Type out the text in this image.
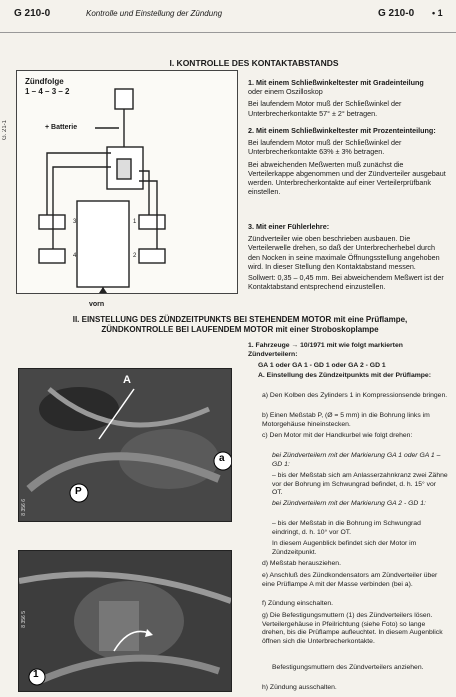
G 210-0	Kontrolle und Einstellung der Zündung	G 210-0 • 1
I. KONTROLLE DES KONTAKTABSTANDS
G. 21-1
Zündfolge
1 – 4 – 3 – 2
+ Batterie
3
4
1
2
vorn
1. Mit einem Schließwinkeltester mit Gradeinteilung
oder einem Oszilloskop
Bei laufendem Motor muß der Schließwinkel der Unterbrecherkontakte 57° ± 2° betragen.
2. Mit einem Schließwinkeltester mit Prozenteinteilung:
Bei laufendem Motor muß der Schließwinkel der Unterbrecherkontakte 63% ± 3% betragen.
Bei abweichenden Meßwerten muß zunächst die Verteilerkappe abgenommen und der Zündverteiler ausgebaut werden. Unterbrecherkontakte auf einer Verteilerprüfbank einstellen.
3. Mit einer Fühlerlehre:
Zündverteiler wie oben beschrieben ausbauen. Die Verteilerwelle drehen, so daß der Unterbrecherhebel durch den Nocken in seine maximale Öffnungsstellung angehoben wird. In dieser Stellung den Kontaktabstand messen.
Sollwert: 0,35 – 0,45 mm. Bei abweichendem Meßwert ist der Kontaktabstand entsprechend einzustellen.
II. EINSTELLUNG DES ZÜNDZEITPUNKTS BEI STEHENDEM MOTOR mit eine Prüflampe,
ZÜNDKONTROLLE BEI LAUFENDEM MOTOR mit einer Stroboskoplampe
A
a
P
8 356 6
1
8 356 5
1. Fahrzeuge → 10/1971 mit wie folgt markierten Zündverteilern:
GA 1 oder GA 1 - GD 1 oder GA 2 - GD 1
A. Einstellung des Zündzeitpunkts mit der Prüflampe:
a) Den Kolben des Zylinders 1 in Kompressionsende bringen.
b) Einen Meßstab P, (Ø = 5 mm) in die Bohrung links im Motorgehäuse hineinstecken.
c) Den Motor mit der Handkurbel wie folgt drehen:
bei Zündverteilern mit der Markierung GA 1 oder GA 1 – GD 1:
– bis der Meßstab sich am Anlasserzahnkranz zwei Zähne vor der Bohrung im Schwungrad befindet, d. h. 15° vor OT.
bei Zündverteilern mit der Markierung GA 2 - GD 1:
– bis der Meßstab in die Bohrung im Schwungrad eindringt, d. h. 10° vor OT.
In diesem Augenblick befindet sich der Motor im Zündzeitpunkt.
d) Meßstab herausziehen.
e) Anschluß des Zündkondensators am Zündverteiler über eine Prüflampe A mit der Masse verbinden (bei a).
f) Zündung einschalten.
g) Die Befestigungsmuttern (1) des Zündverteilers lösen. Verteilergehäuse in Pfeilrichtung (siehe Foto) so lange drehen, bis die Prüflampe aufleuchtet. In diesem Augenblick öffnen sich die Unterbrecherkontakte.
Befestigungsmuttern des Zündverteilers anziehen.
h) Zündung ausschalten.
